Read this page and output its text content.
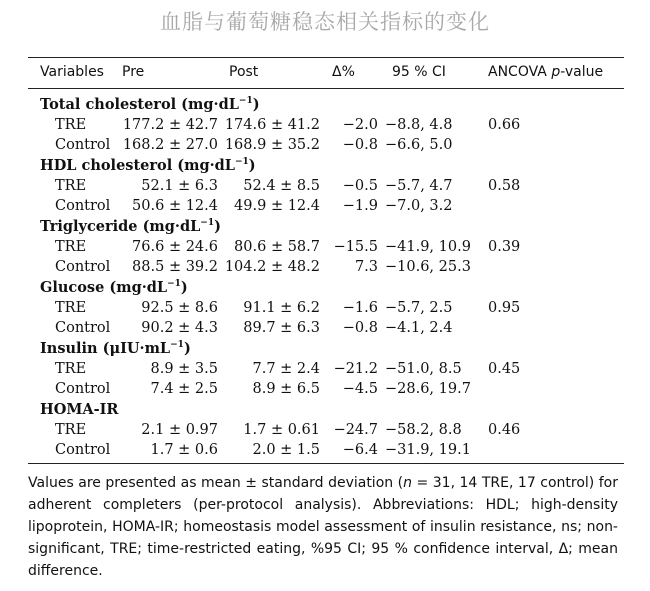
血脂与葡萄糖稳态相关指标的变化
Variables Pre	Post	Δ%	95 % CI	ANCOVA p-value
Total cholesterol $(mg\cdot dL^{-1})$
TRE	177.2 ± 42.7 174.6 ± 41.2 −2.0 −8.8, 4.8 0.66
Control 168.2 ± 27.0 168.9 ± 35.2 −0.8 −6.6, 5.0
HDL cholesterol $(mg\cdot dL^{-1})$
TRE	52.1 ± 6.3 52.4 ± 8.5 −0.5 −5.7, 4.7 0.58
Control 50.6 ± 12.4 49.9 ± 12.4 −1.9 −7.0, 3.2
Triglyceride $(mg\cdot dL^{-1})$
TRE	76.6 ± 24.6 80.6 ± 58.7 −15.5 −41.9, 10.9 0.39
Control 88.5 ± 39.2 104.2 ± 48.2 7.3 −10.6, 25.3
Glucose $(mg\cdot dL^{-1})$
TRE	92.5 ± 8.6 91.1 ± 6.2 −1.6 −5.7, 2.5 0.95
Control 90.2 ± 4.3 89.7 ± 6.3 −0.8 −4.1, 2.4
Insulin $(\mu IU\cdot mL^{-1})$
TRE	8.9 ± 3.5 7.7 ± 2.4 −21.2 −51.0, 8.5 0.45
Control	7.4 ± 2.5 8.9 ± 6.5 −4.5 −28.6, 19.7
HOMA-IR
TRE	2.1 ± 0.97 1.7 ± 0.61 −24.7 −58.2, 8.8 0.46
Control	1.7 ± 0.6 2.0 ± 1.5 −6.4 −31.9, 19.1
Values are presented as mean ± standard deviation (n = 31, 14 TRE, 17 control) for adherent completers (per-protocol analysis). Abbreviations: HDL; high-density lipoprotein, HOMA-IR; homeostasis model assessment of insulin resistance, ns; non-significant, TRE; time-restricted eating, %95 CI; 95 % confidence interval, Δ; mean difference.
